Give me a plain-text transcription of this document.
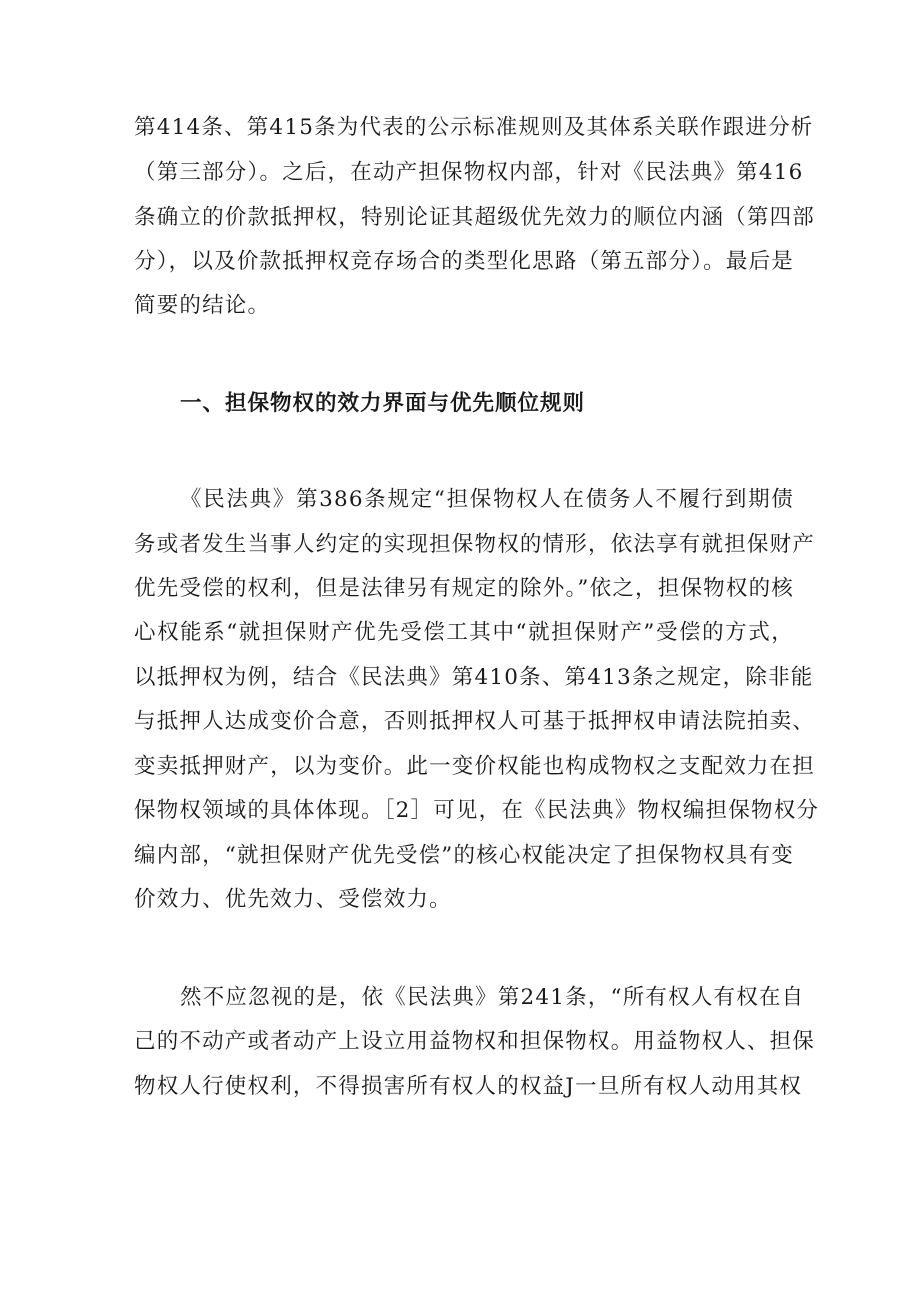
第414条、第415条为代表的公示标准规则及其体系关联作跟进分析
（第三部分）。之后，在动产担保物权内部，针对《民法典》第416
条确立的价款抵押权，特别论证其超级优先效力的顺位内涵（第四部
分），以及价款抵押权竞存场合的类型化思路（第五部分）。最后是
简要的结论。
一、担保物权的效力界面与优先顺位规则
《民法典》第386条规定“担保物权人在债务人不履行到期债
务或者发生当事人约定的实现担保物权的情形，依法享有就担保财产
优先受偿的权利，但是法律另有规定的除外。”依之，担保物权的核
心权能系“就担保财产优先受偿工其中“就担保财产”受偿的方式，
以抵押权为例，结合《民法典》第410条、第413条之规定，除非能
与抵押人达成变价合意，否则抵押权人可基于抵押权申请法院拍卖、
变卖抵押财产，以为变价。此一变价权能也构成物权之支配效力在担
保物权领域的具体体现。［2］可见，在《民法典》物权编担保物权分
编内部，“就担保财产优先受偿”的核心权能决定了担保物权具有变
价效力、优先效力、受偿效力。
然不应忽视的是，依《民法典》第241条，“所有权人有权在自
己的不动产或者动产上设立用益物权和担保物权。用益物权人、担保
物权人行使权利，不得损害所有权人的权益J一旦所有权人动用其权
